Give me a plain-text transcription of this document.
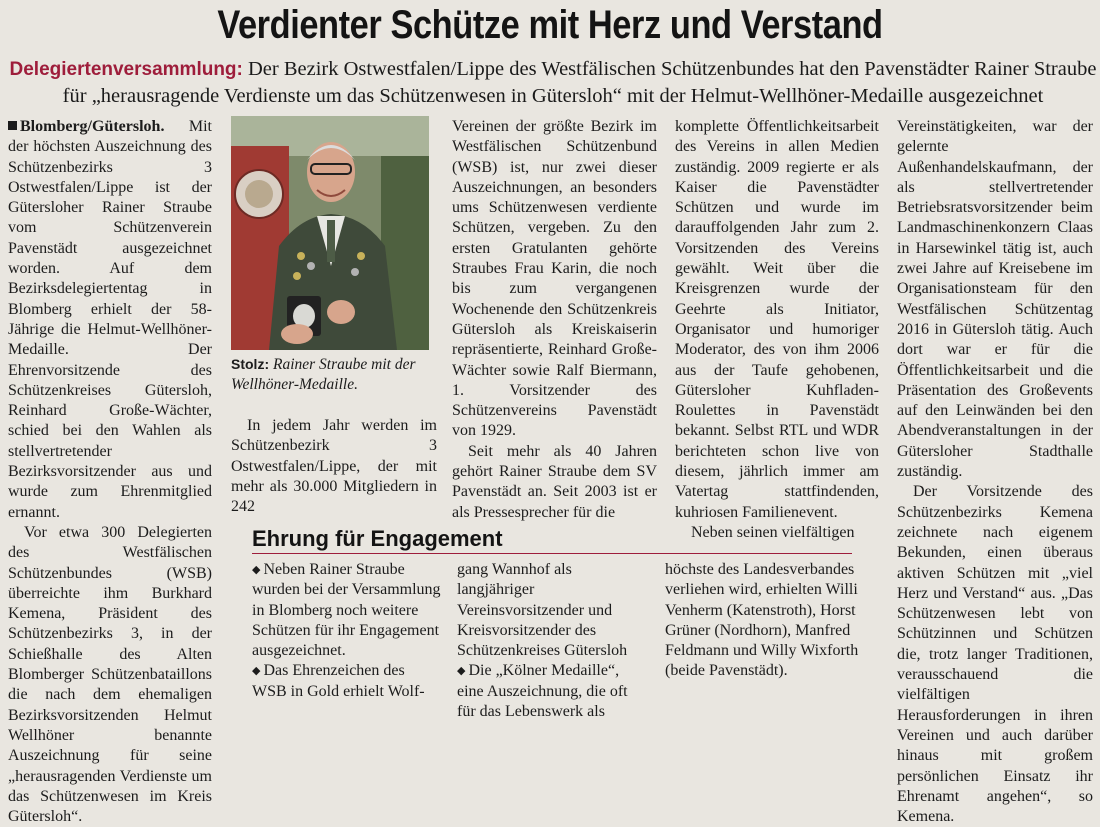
Verdienter Schütze mit Herz und Verstand
Delegiertenversammlung: Der Bezirk Ostwestfalen/Lippe des Westfälischen Schützenbundes hat den Pavenstädter Rainer Straube für „herausragende Verdienste um das Schützenwesen in Gütersloh“ mit der Helmut-Wellhöner-Medaille ausgezeichnet

Blomberg/Gütersloh. Mit der höchsten Auszeichnung des Schützenbezirks 3 Ostwestfalen/Lippe ist der Gütersloher Rainer Straube vom Schützenverein Pavenstädt ausgezeichnet worden. Auf dem Bezirksdelegiertentag in Blomberg erhielt der 58-Jährige die Helmut-Wellhöner-Medaille. Der Ehrenvorsitzende des Schützenkreises Gütersloh, Reinhard Große-Wächter, schied bei den Wahlen als stellvertretender Bezirksvorsitzender aus und wurde zum Ehrenmitglied ernannt.

Vor etwa 300 Delegierten des Westfälischen Schützenbundes (WSB) überreichte ihm Burkhard Kemena, Präsident des Schützenbezirks 3, in der Schießhalle des Alten Blomberger Schützenbataillons die nach dem ehemaligen Bezirksvorsitzenden Helmut Wellhöner benannte Auszeichnung für seine „herausragenden Verdienste um das Schützenwesen im Kreis Gütersloh“.

Stolz: Rainer Straube mit der Wellhöner-Medaille.

In jedem Jahr werden im Schützenbezirk 3 Ostwestfalen/Lippe, der mit mehr als 30.000 Mitgliedern in 242

Vereinen der größte Bezirk im Westfälischen Schützenbund (WSB) ist, nur zwei dieser Auszeichnungen, an besonders ums Schützenwesen verdiente Schützen, vergeben. Zu den ersten Gratulanten gehörte Straubes Frau Karin, die noch bis zum vergangenen Wochenende den Schützenkreis Gütersloh als Kreiskaiserin repräsentierte, Reinhard Große-Wächter sowie Ralf Biermann, 1. Vorsitzender des Schützenvereins Pavenstädt von 1929.

Seit mehr als 40 Jahren gehört Rainer Straube dem SV Pavenstädt an. Seit 2003 ist er als Pressesprecher für die

komplette Öffentlichkeitsarbeit des Vereins in allen Medien zuständig. 2009 regierte er als Kaiser die Pavenstädter Schützen und wurde im darauffolgenden Jahr zum 2. Vorsitzenden des Vereins gewählt. Weit über die Kreisgrenzen wurde der Geehrte als Initiator, Organisator und humoriger Moderator, des von ihm 2006 aus der Taufe gehobenen, Gütersloher Kuhfladen-Roulettes in Pavenstädt bekannt. Selbst RTL und WDR berichteten schon live von diesem, jährlich immer am Vatertag stattfindenden, kuhriosen Familienevent.

Neben seinen vielfältigen

Vereinstätigkeiten, war der gelernte Außenhandelskaufmann, der als stellvertretender Betriebsratsvorsitzender beim Landmaschinenkonzern Claas in Harsewinkel tätig ist, auch zwei Jahre auf Kreisebene im Organisationsteam für den Westfälischen Schützentag 2016 in Gütersloh tätig. Auch dort war er für die Öffentlichkeitsarbeit und die Präsentation des Großevents auf den Leinwänden bei den Abendveranstaltungen in der Gütersloher Stadthalle zuständig.

Der Vorsitzende des Schützenbezirks Kemena zeichnete nach eigenem Bekunden, einen überaus aktiven Schützen mit „viel Herz und Verstand“ aus. „Das Schützenwesen lebt von Schützinnen und Schützen die, trotz langer Traditionen, verausschauend die vielfältigen Herausforderungen in ihren Vereinen und auch darüber hinaus mit großem persönlichen Einsatz ihr Ehrenamt angehen“, so Kemena.

Ehrung für Engagement

◆ Neben Rainer Straube wurden bei der Versammlung in Blomberg noch weitere Schützen für ihr Engagement ausgezeichnet.

◆ Das Ehrenzeichen des WSB in Gold erhielt Wolf-

gang Wannhof als langjähriger Vereinsvorsitzender und Kreisvorsitzender des Schützenkreises Gütersloh

◆ Die „Kölner Medaille“, eine Auszeichnung, die oft für das Lebenswerk als

höchste des Landesverbandes verliehen wird, erhielten Willi Venherm (Katenstroth), Horst Grüner (Nordhorn), Manfred Feldmann und Willy Wixforth (beide Pavenstädt).
